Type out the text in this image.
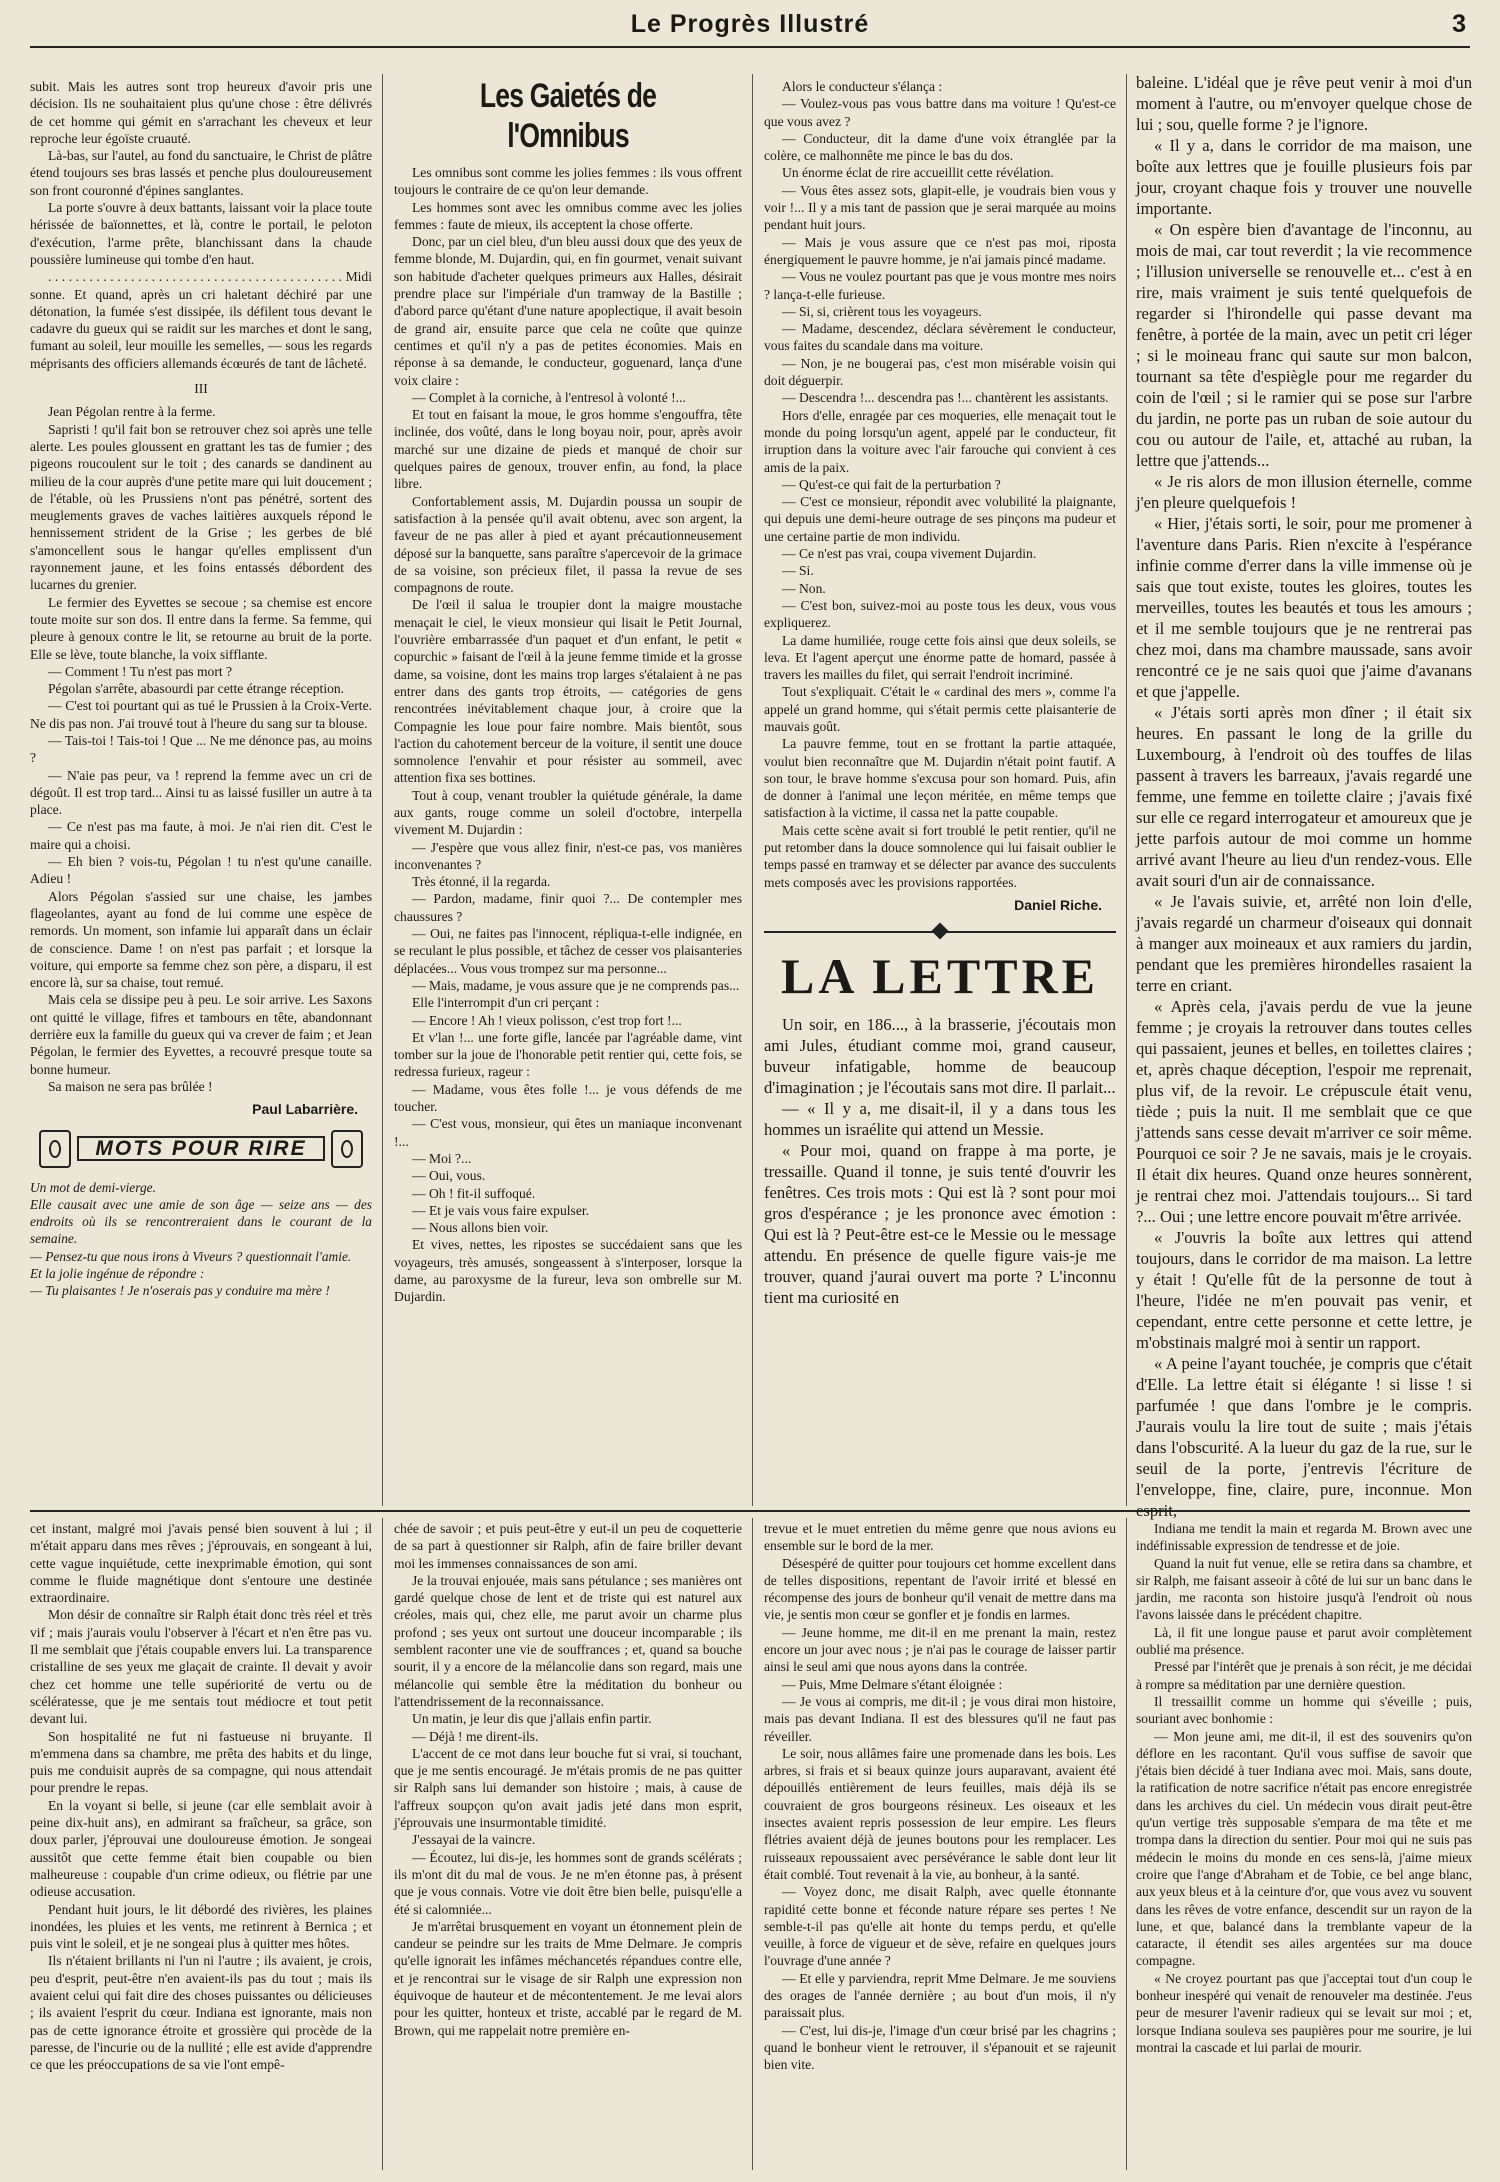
Le Progrès Illustré	3

subit. Mais les autres sont trop heureux d'avoir pris une décision. Ils ne souhaitaient plus qu'une chose : être délivrés de cet homme qui gémit en s'arrachant les cheveux et leur reproche leur égoïste cruauté.

Là-bas, sur l'autel, au fond du sanctuaire, le Christ de plâtre étend toujours ses bras lassés et penche plus douloureusement son front couronné d'épines sanglantes.

La porte s'ouvre à deux battants, laissant voir la place toute hérissée de baïonnettes, et là, contre le portail, le peloton d'exécution, l'arme prête, blanchissant dans la chaude poussière lumineuse qui tombe d'en haut.

. . . . . . . . . . . . . . . . . . . . . . . . . . . . . . . . . . . . . . . . . . . Midi sonne. Et quand, après un cri haletant déchiré par une détonation, la fumée s'est dissipée, ils défilent tous devant le cadavre du gueux qui se raidit sur les marches et dont le sang, fumant au soleil, leur mouille les semelles, — sous les regards méprisants des officiers allemands écœurés de tant de lâcheté.

III

Jean Pégolan rentre à la ferme.

Sapristi ! qu'il fait bon se retrouver chez soi après une telle alerte. Les poules gloussent en grattant les tas de fumier ; des pigeons roucoulent sur le toit ; des canards se dandinent au milieu de la cour auprès d'une petite mare qui luit doucement ; de l'étable, où les Prussiens n'ont pas pénétré, sortent des meuglements graves de vaches laitières auxquels répond le hennissement strident de la Grise ; les gerbes de blé s'amoncellent sous le hangar qu'elles emplissent d'un rayonnement jaune, et les foins entassés débordent des lucarnes du grenier.

Le fermier des Eyvettes se secoue ; sa chemise est encore toute moite sur son dos. Il entre dans la ferme. Sa femme, qui pleure à genoux contre le lit, se retourne au bruit de la porte. Elle se lève, toute blanche, la voix sifflante.

— Comment ! Tu n'est pas mort ?

Pégolan s'arrête, abasourdi par cette étrange réception.

— C'est toi pourtant qui as tué le Prussien à la Croix-Verte. Ne dis pas non. J'ai trouvé tout à l'heure du sang sur ta blouse.

— Tais-toi ! Tais-toi ! Que ... Ne me dénonce pas, au moins ?

— N'aie pas peur, va ! reprend la femme avec un cri de dégoût. Il est trop tard... Ainsi tu as laissé fusiller un autre à ta place.

— Ce n'est pas ma faute, à moi. Je n'ai rien dit. C'est le maire qui a choisi.

— Eh bien ? vois-tu, Pégolan ! tu n'est qu'une canaille. Adieu !

Alors Pégolan s'assied sur une chaise, les jambes flageolantes, ayant au fond de lui comme une espèce de remords. Un moment, son infamie lui apparaît dans un éclair de conscience. Dame ! on n'est pas parfait ; et lorsque la voiture, qui emporte sa femme chez son père, a disparu, il est encore là, sur sa chaise, tout remué.

Mais cela se dissipe peu à peu. Le soir arrive. Les Saxons ont quitté le village, fifres et tambours en tête, abandonnant derrière eux la famille du gueux qui va crever de faim ; et Jean Pégolan, le fermier des Eyvettes, a recouvré presque toute sa bonne humeur.

Sa maison ne sera pas brûlée !

Paul Labarrière.

MOTS POUR RIRE

Un mot de demi-vierge.

Elle causait avec une amie de son âge — seize ans — des endroits où ils se rencontreraient dans le courant de la semaine.

— Pensez-tu que nous irons à Viveurs ? questionnait l'amie.

Et la jolie ingénue de répondre :

— Tu plaisantes ! Je n'oserais pas y conduire ma mère !

Les Gaietés de l'Omnibus

Les omnibus sont comme les jolies femmes : ils vous offrent toujours le contraire de ce qu'on leur demande.

Les hommes sont avec les omnibus comme avec les jolies femmes : faute de mieux, ils acceptent la chose offerte.

Donc, par un ciel bleu, d'un bleu aussi doux que des yeux de femme blonde, M. Dujardin, qui, en fin gourmet, venait suivant son habitude d'acheter quelques primeurs aux Halles, désirait prendre place sur l'impériale d'un tramway de la Bastille ; d'abord parce qu'étant d'une nature apoplectique, il avait besoin de grand air, ensuite parce que cela ne coûte que quinze centimes et qu'il n'y a pas de petites économies. Mais en réponse à sa demande, le conducteur, goguenard, lança d'une voix claire :

— Complet à la corniche, à l'entresol à volonté !...

Et tout en faisant la moue, le gros homme s'engouffra, tête inclinée, dos voûté, dans le long boyau noir, pour, après avoir marché sur une dizaine de pieds et manqué de choir sur quelques paires de genoux, trouver enfin, au fond, la place libre.

Confortablement assis, M. Dujardin poussa un soupir de satisfaction à la pensée qu'il avait obtenu, avec son argent, la faveur de ne pas aller à pied et ayant précautionneusement déposé sur la banquette, sans paraître s'apercevoir de la grimace de sa voisine, son précieux filet, il passa la revue de ses compagnons de route.

De l'œil il salua le troupier dont la maigre moustache menaçait le ciel, le vieux monsieur qui lisait le Petit Journal, l'ouvrière embarrassée d'un paquet et d'un enfant, le petit « copurchic » faisant de l'œil à la jeune femme timide et la grosse dame, sa voisine, dont les mains trop larges s'étalaient à ne pas entrer dans des gants trop étroits, — catégories de gens rencontrées inévitablement chaque jour, à croire que la Compagnie les loue pour faire nombre. Mais bientôt, sous l'action du cahotement berceur de la voiture, il sentit une douce somnolence l'envahir et pour résister au sommeil, avec attention fixa ses bottines.

Tout à coup, venant troubler la quiétude générale, la dame aux gants, rouge comme un soleil d'octobre, interpella vivement M. Dujardin :

— J'espère que vous allez finir, n'est-ce pas, vos manières inconvenantes ?

Très étonné, il la regarda.

— Pardon, madame, finir quoi ?... De contempler mes chaussures ?

— Oui, ne faites pas l'innocent, répliqua-t-elle indignée, en se reculant le plus possible, et tâchez de cesser vos plaisanteries déplacées... Vous vous trompez sur ma personne...

— Mais, madame, je vous assure que je ne comprends pas...

Elle l'interrompit d'un cri perçant :

— Encore ! Ah ! vieux polisson, c'est trop fort !...

Et v'lan !... une forte gifle, lancée par l'agréable dame, vint tomber sur la joue de l'honorable petit rentier qui, cette fois, se redressa furieux, rageur :

— Madame, vous êtes folle !... je vous défends de me toucher.

— C'est vous, monsieur, qui êtes un maniaque inconvenant !...

— Moi ?...

— Oui, vous.

— Oh ! fit-il suffoqué.

— Et je vais vous faire expulser.

— Nous allons bien voir.

Et vives, nettes, les ripostes se succédaient sans que les voyageurs, très amusés, songeassent à s'interposer, lorsque la dame, au paroxysme de la fureur, leva son ombrelle sur M. Dujardin.

Alors le conducteur s'élança :

— Voulez-vous pas vous battre dans ma voiture ! Qu'est-ce que vous avez ?

— Conducteur, dit la dame d'une voix étranglée par la colère, ce malhonnête me pince le bas du dos.

Un énorme éclat de rire accueillit cette révélation.

— Vous êtes assez sots, glapit-elle, je voudrais bien vous y voir !... Il y a mis tant de passion que je serai marquée au moins pendant huit jours.

— Mais je vous assure que ce n'est pas moi, riposta énergiquement le pauvre homme, je n'ai jamais pincé madame.

— Vous ne voulez pourtant pas que je vous montre mes noirs ? lança-t-elle furieuse.

— Si, si, crièrent tous les voyageurs.

— Madame, descendez, déclara sévèrement le conducteur, vous faites du scandale dans ma voiture.

— Non, je ne bougerai pas, c'est mon misérable voisin qui doit déguerpir.

— Descendra !... descendra pas !... chantèrent les assistants.

Hors d'elle, enragée par ces moqueries, elle menaçait tout le monde du poing lorsqu'un agent, appelé par le conducteur, fit irruption dans la voiture avec l'air farouche qui convient à ces amis de la paix.

— Qu'est-ce qui fait de la perturbation ?

— C'est ce monsieur, répondit avec volubilité la plaignante, qui depuis une demi-heure outrage de ses pinçons ma pudeur et une certaine partie de mon individu.

— Ce n'est pas vrai, coupa vivement Dujardin.

— Si.

— Non.

— C'est bon, suivez-moi au poste tous les deux, vous vous expliquerez.

La dame humiliée, rouge cette fois ainsi que deux soleils, se leva. Et l'agent aperçut une énorme patte de homard, passée à travers les mailles du filet, qui serrait l'endroit incriminé.

Tout s'expliquait. C'était le « cardinal des mers », comme l'a appelé un grand homme, qui s'était permis cette plaisanterie de mauvais goût.

La pauvre femme, tout en se frottant la partie attaquée, voulut bien reconnaître que M. Dujardin n'était point fautif. A son tour, le brave homme s'excusa pour son homard. Puis, afin de donner à l'animal une leçon méritée, en même temps que satisfaction à la victime, il cassa net la patte coupable.

Mais cette scène avait si fort troublé le petit rentier, qu'il ne put retomber dans la douce somnolence qui lui faisait oublier le temps passé en tramway et se délecter par avance des succulents mets composés avec les provisions rapportées.

Daniel Riche.

LA LETTRE

Un soir, en 186..., à la brasserie, j'écoutais mon ami Jules, étudiant comme moi, grand causeur, buveur infatigable, homme de beaucoup d'imagination ; je l'écoutais sans mot dire. Il parlait...

— « Il y a, me disait-il, il y a dans tous les hommes un israélite qui attend un Messie.

« Pour moi, quand on frappe à ma porte, je tressaille. Quand il tonne, je suis tenté d'ouvrir les fenêtres. Ces trois mots : Qui est là ? sont pour moi gros d'espérance ; je les prononce avec émotion : Qui est là ? Peut-être est-ce le Messie ou le message attendu. En présence de quelle figure vais-je me trouver, quand j'aurai ouvert ma porte ? L'inconnu tient ma curiosité en

baleine. L'idéal que je rêve peut venir à moi d'un moment à l'autre, ou m'envoyer quelque chose de lui ; sou, quelle forme ? je l'ignore.

« Il y a, dans le corridor de ma maison, une boîte aux lettres que je fouille plusieurs fois par jour, croyant chaque fois y trouver une nouvelle importante.

« On espère bien d'avantage de l'inconnu, au mois de mai, car tout reverdit ; la vie recommence ; l'illusion universelle se renouvelle et... c'est à en rire, mais vraiment je suis tenté quelquefois de regarder si l'hirondelle qui passe devant ma fenêtre, à portée de la main, avec un petit cri léger ; si le moineau franc qui saute sur mon balcon, tournant sa tête d'espiègle pour me regarder du coin de l'œil ; si le ramier qui se pose sur l'arbre du jardin, ne porte pas un ruban de soie autour du cou ou autour de l'aile, et, attaché au ruban, la lettre que j'attends...

« Je ris alors de mon illusion éternelle, comme j'en pleure quelquefois !

« Hier, j'étais sorti, le soir, pour me promener à l'aventure dans Paris. Rien n'excite à l'espérance infinie comme d'errer dans la ville immense où je sais que tout existe, toutes les gloires, toutes les merveilles, toutes les beautés et tous les amours ; et il me semble toujours que je ne rentrerai pas chez moi, dans ma chambre maussade, sans avoir rencontré ce je ne sais quoi que j'aime d'avanans et que j'appelle.

« J'étais sorti après mon dîner ; il était six heures. En passant le long de la grille du Luxembourg, à l'endroit où des touffes de lilas passent à travers les barreaux, j'avais regardé une femme, une femme en toilette claire ; j'avais fixé sur elle ce regard interrogateur et amoureux que je jette parfois autour de moi comme un homme arrivé avant l'heure au lieu d'un rendez-vous. Elle avait souri d'un air de connaissance.

« Je l'avais suivie, et, arrêté non loin d'elle, j'avais regardé un charmeur d'oiseaux qui donnait à manger aux moineaux et aux ramiers du jardin, pendant que les premières hirondelles rasaient la terre en criant.

« Après cela, j'avais perdu de vue la jeune femme ; je croyais la retrouver dans toutes celles qui passaient, jeunes et belles, en toilettes claires ; et, après chaque déception, l'espoir me reprenait, plus vif, de la revoir. Le crépuscule était venu, tiède ; puis la nuit. Il me semblait que ce que j'attends sans cesse devait m'arriver ce soir même. Pourquoi ce soir ? Je ne savais, mais je le croyais. Il était dix heures. Quand onze heures sonnèrent, je rentrai chez moi. J'attendais toujours... Si tard ?... Oui ; une lettre encore pouvait m'être arrivée.

« J'ouvris la boîte aux lettres qui attend toujours, dans le corridor de ma maison. La lettre y était ! Qu'elle fût de la personne de tout à l'heure, l'idée ne m'en pouvait pas venir, et cependant, entre cette personne et cette lettre, je m'obstinais malgré moi à sentir un rapport.

« A peine l'ayant touchée, je compris que c'était d'Elle. La lettre était si élégante ! si lisse ! si parfumée ! que dans l'ombre je le compris. J'aurais voulu la lire tout de suite ; mais j'étais dans l'obscurité. A la lueur du gaz de la rue, sur le seuil de la porte, j'entrevis l'écriture de l'enveloppe, fine, claire, pure, inconnue. Mon esprit,

cet instant, malgré moi j'avais pensé bien souvent à lui ; il m'était apparu dans mes rêves ; j'éprouvais, en songeant à lui, cette vague inquiétude, cette inexprimable émotion, qui sont comme le fluide magnétique dont s'entoure une destinée extraordinaire.

Mon désir de connaître sir Ralph était donc très réel et très vif ; mais j'aurais voulu l'observer à l'écart et n'en être pas vu. Il me semblait que j'étais coupable envers lui. La transparence cristalline de ses yeux me glaçait de crainte. Il devait y avoir chez cet homme une telle supériorité de vertu ou de scélératesse, que je me sentais tout médiocre et tout petit devant lui.

Son hospitalité ne fut ni fastueuse ni bruyante. Il m'emmena dans sa chambre, me prêta des habits et du linge, puis me conduisit auprès de sa compagne, qui nous attendait pour prendre le repas.

En la voyant si belle, si jeune (car elle semblait avoir à peine dix-huit ans), en admirant sa fraîcheur, sa grâce, son doux parler, j'éprouvai une douloureuse émotion. Je songeai aussitôt que cette femme était bien coupable ou bien malheureuse : coupable d'un crime odieux, ou flétrie par une odieuse accusation.

Pendant huit jours, le lit débordé des rivières, les plaines inondées, les pluies et les vents, me retinrent à Bernica ; et puis vint le soleil, et je ne songeai plus à quitter mes hôtes.

Ils n'étaient brillants ni l'un ni l'autre ; ils avaient, je crois, peu d'esprit, peut-être n'en avaient-ils pas du tout ; mais ils avaient celui qui fait dire des choses puissantes ou délicieuses ; ils avaient l'esprit du cœur. Indiana est ignorante, mais non pas de cette ignorance étroite et grossière qui procède de la paresse, de l'incurie ou de la nullité ; elle est avide d'apprendre ce que les préoccupations de sa vie l'ont empê-

chée de savoir ; et puis peut-être y eut-il un peu de coquetterie de sa part à questionner sir Ralph, afin de faire briller devant moi les immenses connaissances de son ami.

Je la trouvai enjouée, mais sans pétulance ; ses manières ont gardé quelque chose de lent et de triste qui est naturel aux créoles, mais qui, chez elle, me parut avoir un charme plus profond ; ses yeux ont surtout une douceur incomparable ; ils semblent raconter une vie de souffrances ; et, quand sa bouche sourit, il y a encore de la mélancolie dans son regard, mais une mélancolie qui semble être la méditation du bonheur ou l'attendrissement de la reconnaissance.

Un matin, je leur dis que j'allais enfin partir.

— Déjà ! me dirent-ils.

L'accent de ce mot dans leur bouche fut si vrai, si touchant, que je me sentis encouragé. Je m'étais promis de ne pas quitter sir Ralph sans lui demander son histoire ; mais, à cause de l'affreux soupçon qu'on avait jadis jeté dans mon esprit, j'éprouvais une insurmontable timidité.

J'essayai de la vaincre.

— Écoutez, lui dis-je, les hommes sont de grands scélérats ; ils m'ont dit du mal de vous. Je ne m'en étonne pas, à présent que je vous connais. Votre vie doit être bien belle, puisqu'elle a été si calomniée...

Je m'arrêtai brusquement en voyant un étonnement plein de candeur se peindre sur les traits de Mme Delmare. Je compris qu'elle ignorait les infâmes méchancetés répandues contre elle, et je rencontrai sur le visage de sir Ralph une expression non équivoque de hauteur et de mécontentement. Je me levai alors pour les quitter, honteux et triste, accablé par le regard de M. Brown, qui me rappelait notre première en-

trevue et le muet entretien du même genre que nous avions eu ensemble sur le bord de la mer.

Désespéré de quitter pour toujours cet homme excellent dans de telles dispositions, repentant de l'avoir irrité et blessé en récompense des jours de bonheur qu'il venait de mettre dans ma vie, je sentis mon cœur se gonfler et je fondis en larmes.

— Jeune homme, me dit-il en me prenant la main, restez encore un jour avec nous ; je n'ai pas le courage de laisser partir ainsi le seul ami que nous ayons dans la contrée.

— Puis, Mme Delmare s'étant éloignée :

— Je vous ai compris, me dit-il ; je vous dirai mon histoire, mais pas devant Indiana. Il est des blessures qu'il ne faut pas réveiller.

Le soir, nous allâmes faire une promenade dans les bois. Les arbres, si frais et si beaux quinze jours auparavant, avaient été dépouillés entièrement de leurs feuilles, mais déjà ils se couvraient de gros bourgeons résineux. Les oiseaux et les insectes avaient repris possession de leur empire. Les fleurs flétries avaient déjà de jeunes boutons pour les remplacer. Les ruisseaux repoussaient avec persévérance le sable dont leur lit était comblé. Tout revenait à la vie, au bonheur, à la santé.

— Voyez donc, me disait Ralph, avec quelle étonnante rapidité cette bonne et féconde nature répare ses pertes ! Ne semble-t-il pas qu'elle ait honte du temps perdu, et qu'elle veuille, à force de vigueur et de sève, refaire en quelques jours l'ouvrage d'une année ?

— Et elle y parviendra, reprit Mme Delmare. Je me souviens des orages de l'année dernière ; au bout d'un mois, il n'y paraissait plus.

— C'est, lui dis-je, l'image d'un cœur brisé par les chagrins ; quand le bonheur vient le retrouver, il s'épanouit et se rajeunit bien vite.

Indiana me tendit la main et regarda M. Brown avec une indéfinissable expression de tendresse et de joie.

Quand la nuit fut venue, elle se retira dans sa chambre, et sir Ralph, me faisant asseoir à côté de lui sur un banc dans le jardin, me raconta son histoire jusqu'à l'endroit où nous l'avons laissée dans le précédent chapitre.

Là, il fit une longue pause et parut avoir complètement oublié ma présence.

Pressé par l'intérêt que je prenais à son récit, je me décidai à rompre sa méditation par une dernière question.

Il tressaillit comme un homme qui s'éveille ; puis, souriant avec bonhomie :

— Mon jeune ami, me dit-il, il est des souvenirs qu'on déflore en les racontant. Qu'il vous suffise de savoir que j'étais bien décidé à tuer Indiana avec moi. Mais, sans doute, la ratification de notre sacrifice n'était pas encore enregistrée dans les archives du ciel. Un médecin vous dirait peut-être qu'un vertige très supposable s'empara de ma tête et me trompa dans la direction du sentier. Pour moi qui ne suis pas médecin le moins du monde en ces sens-là, j'aime mieux croire que l'ange d'Abraham et de Tobie, ce bel ange blanc, aux yeux bleus et à la ceinture d'or, que vous avez vu souvent dans les rêves de votre enfance, descendit sur un rayon de la lune, et que, balancé dans la tremblante vapeur de la cataracte, il étendit ses ailes argentées sur ma douce compagne.

« Ne croyez pourtant pas que j'acceptai tout d'un coup le bonheur inespéré qui venait de renouveler ma destinée. J'eus peur de mesurer l'avenir radieux qui se levait sur moi ; et, lorsque Indiana souleva ses paupières pour me sourire, je lui montrai la cascade et lui parlai de mourir.
